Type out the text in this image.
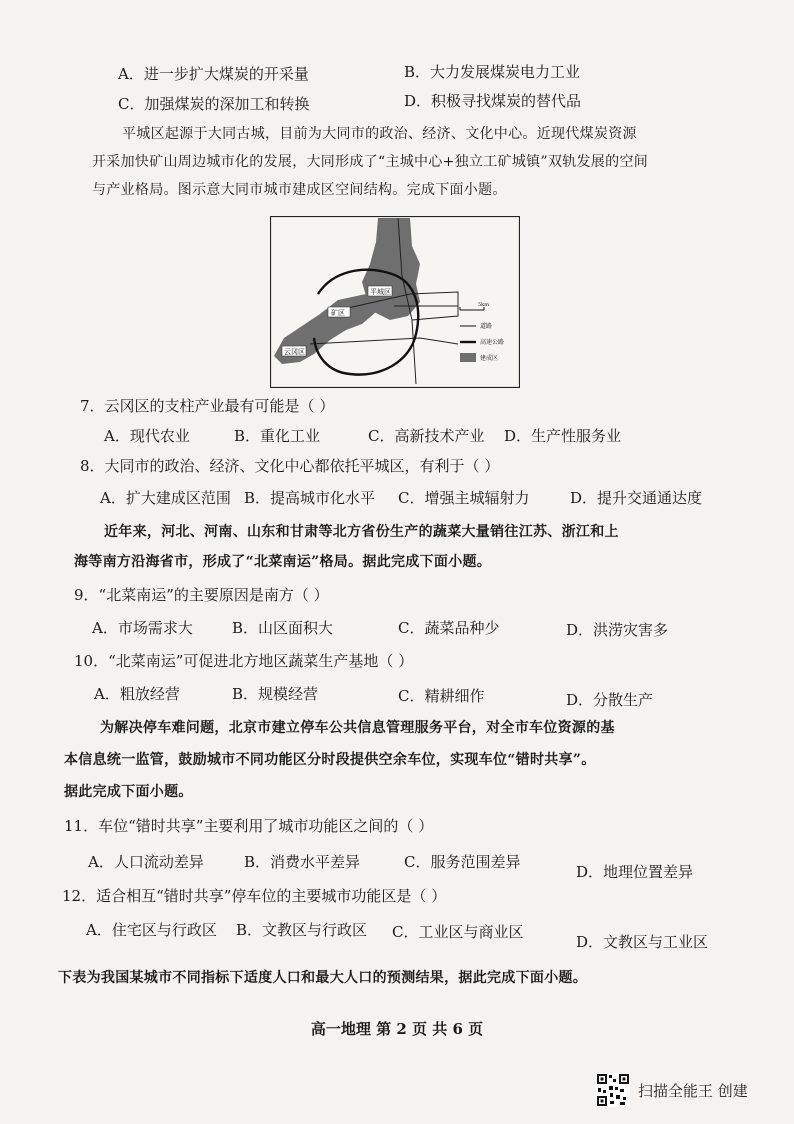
A．进一步扩大煤炭的开采量	B．大力发展煤炭电力工业
C．加强煤炭的深加工和转换	D．积极寻找煤炭的替代品
平城区起源于大同古城，目前为大同市的政治、经济、文化中心。近现代煤炭资源
开采加快矿山周边城市化的发展，大同形成了“主城中心+独立工矿城镇”双轨发展的空间
与产业格局。图示意大同市城市建成区空间结构。完成下面小题。
平城区
矿区
云冈区
5km
道路
高速公路
建成区
7．云冈区的支柱产业最有可能是（ ）
A．现代农业	B．重化工业	C．高新技术产业 D．生产性服务业
8．大同市的政治、经济、文化中心都依托平城区，有利于（ ）
A．扩大建成区范围 B．提高城市化水平 C．增强主城辐射力	D．提升交通通达度
近年来，河北、河南、山东和甘肃等北方省份生产的蔬菜大量销往江苏、浙江和上
海等南方沿海省市，形成了“北菜南运”格局。据此完成下面小题。
9．“北菜南运”的主要原因是南方（ ）
A．市场需求大	B．山区面积大	C．蔬菜品种少	D．洪涝灾害多
10．“北菜南运”可促进北方地区蔬菜生产基地（ ）
A．粗放经营	B．规模经营	C．精耕细作	D．分散生产
为解决停车难问题，北京市建立停车公共信息管理服务平台，对全市车位资源的基
本信息统一监管，鼓励城市不同功能区分时段提供空余车位，实现车位“错时共享”。
据此完成下面小题。
11．车位“错时共享”主要利用了城市功能区之间的（ ）
A．人口流动差异	B．消费水平差异	C．服务范围差异
D．地理位置差异
12．适合相互“错时共享”停车位的主要城市功能区是（ ）
A．住宅区与行政区 B．文教区与行政区 C．工业区与商业区
D．文教区与工业区
下表为我国某城市不同指标下适度人口和最大人口的预测结果，据此完成下面小题。
高一地理 第 2 页 共 6 页
扫描全能王 创建
